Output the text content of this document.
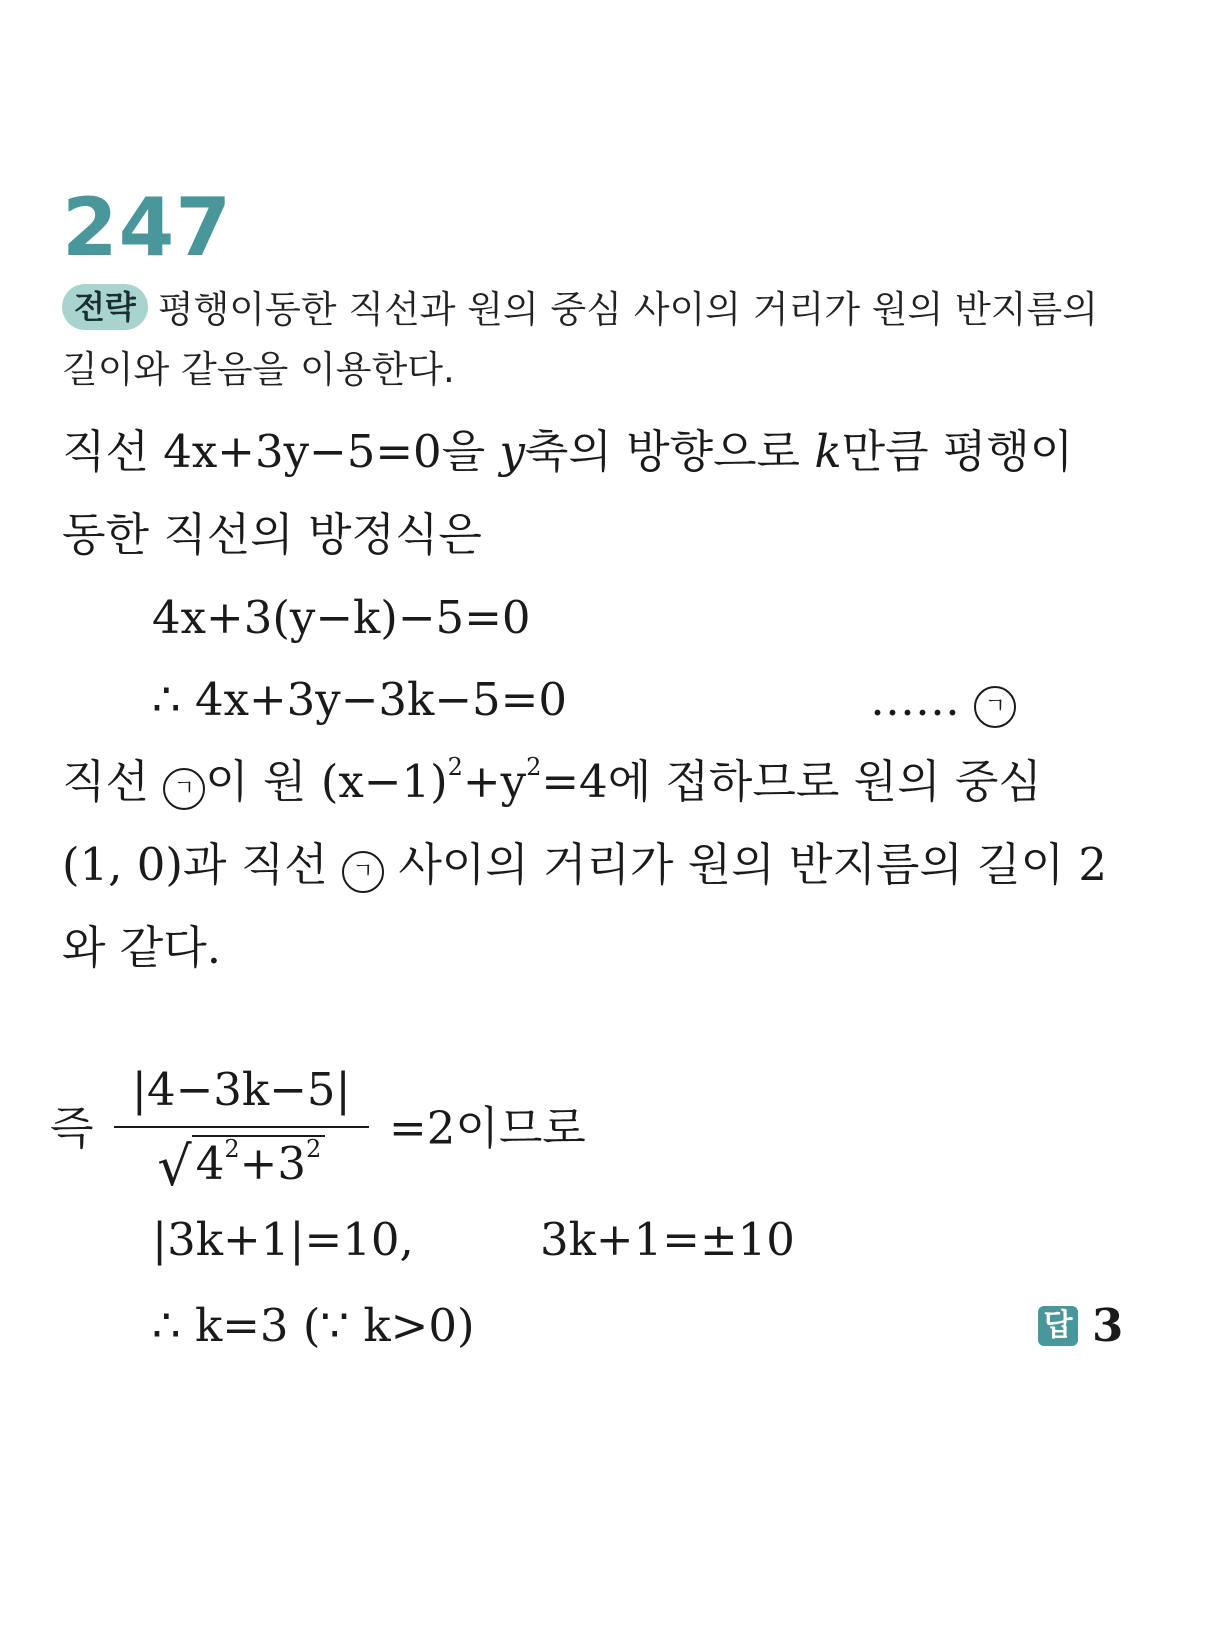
247
전략 평행이동한 직선과 원의 중심 사이의 거리가 원의 반지름의
길이와 같음을 이용한다.
직선 4x+3y−5=0을 y축의 방향으로 k만큼 평행이
동한 직선의 방정식은
4x+3(y−k)−5=0
∴ 4x+3y−3k−5=0	…… ㄱ
직선 ㄱ 이 원 $(x-1)^2+y^2=4$에 접하므로 원의 중심
(1, 0)과 직선 ㄱ 사이의 거리가 원의 반지름의 길이 2
와 같다.
즉 $\frac{|4-3k-5|}{√4^2+3^2} =2$이므로
|3k+1|=10,	3k+1=±10
∴ k=3 (∵ k>0)	답 3
